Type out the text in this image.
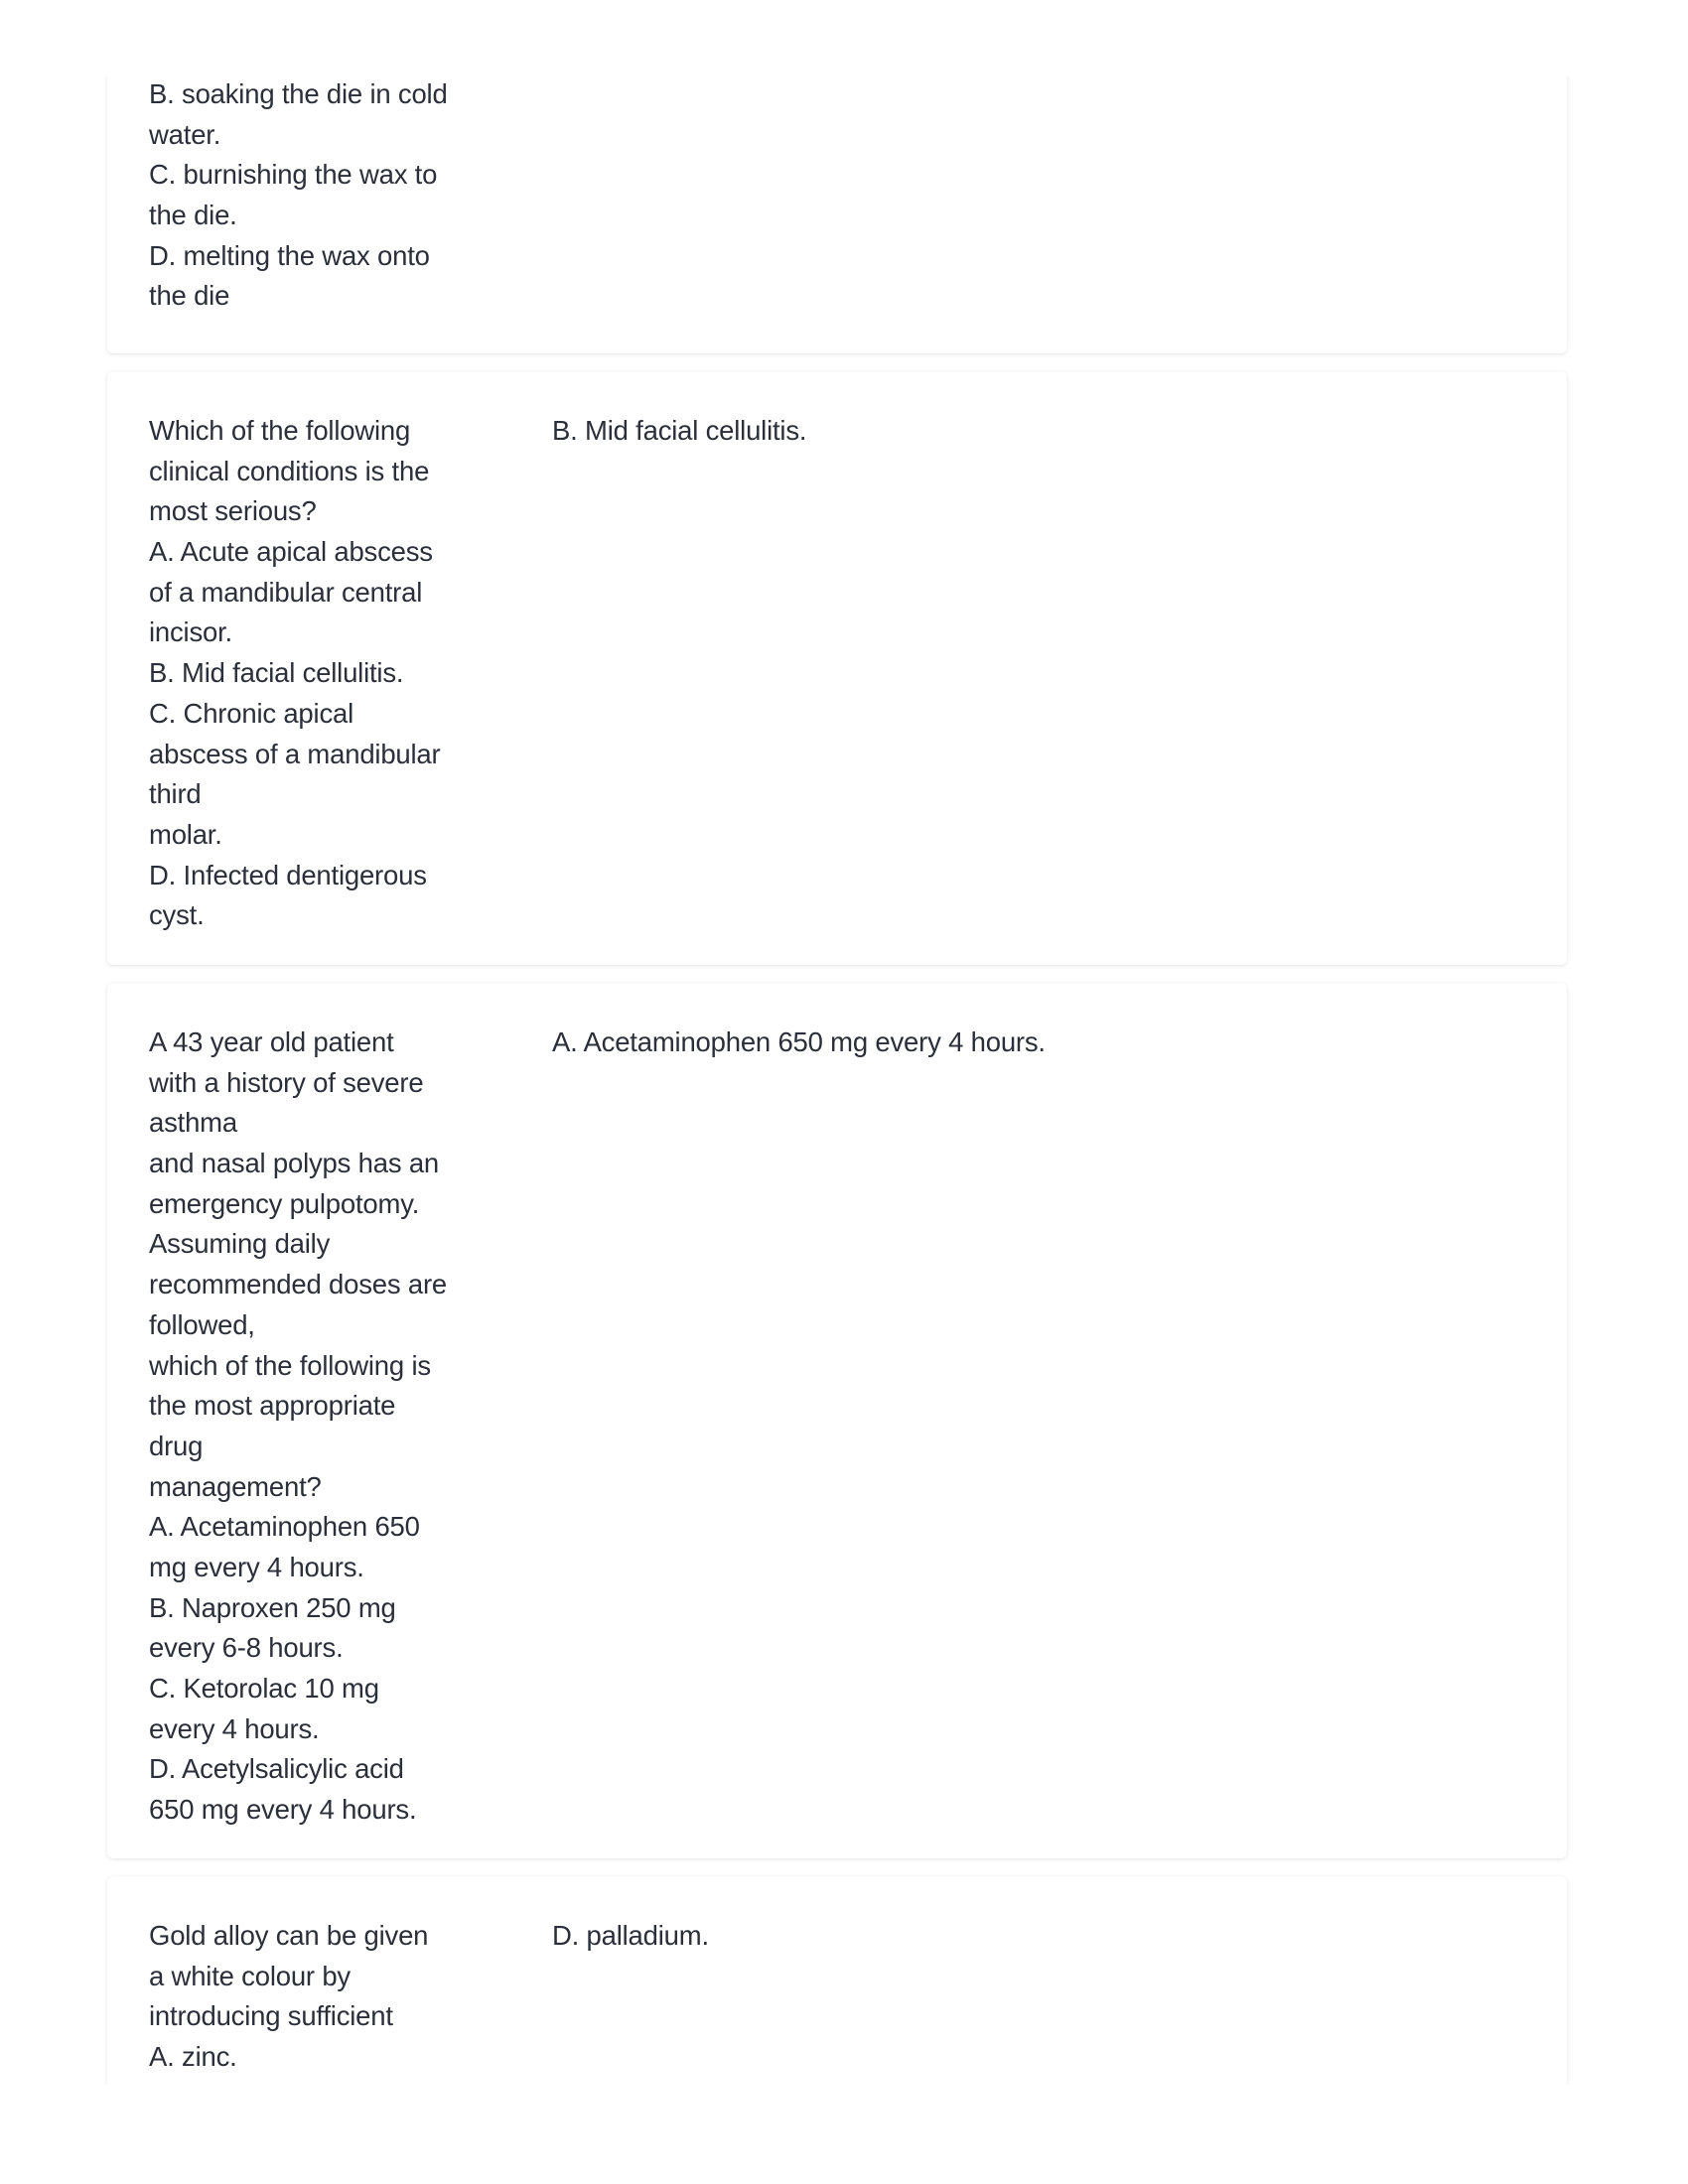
B. soaking the die in cold
water.
C. burnishing the wax to
the die.
D. melting the wax onto
the die
Which of the following
clinical conditions is the
most serious?
A. Acute apical abscess
of a mandibular central
incisor.
B. Mid facial cellulitis.
C. Chronic apical
abscess of a mandibular
third
molar.
D. Infected dentigerous
cyst.
B. Mid facial cellulitis.
A 43 year old patient
with a history of severe
asthma
and nasal polyps has an
emergency pulpotomy.
Assuming daily
recommended doses are
followed,
which of the following is
the most appropriate
drug
management?
A. Acetaminophen 650
mg every 4 hours.
B. Naproxen 250 mg
every 6-8 hours.
C. Ketorolac 10 mg
every 4 hours.
D. Acetylsalicylic acid
650 mg every 4 hours.
A. Acetaminophen 650 mg every 4 hours.
Gold alloy can be given
a white colour by
introducing sufficient
A. zinc.
D. palladium.
